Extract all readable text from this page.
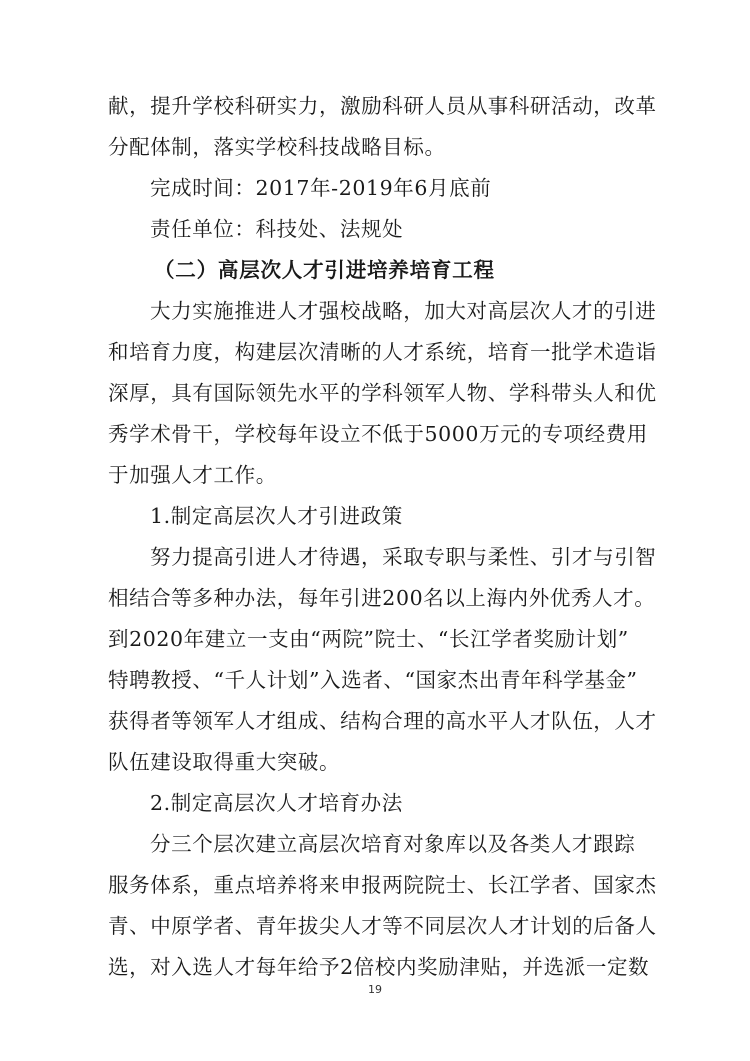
献，提升学校科研实力，激励科研人员从事科研活动，改革
分配体制，落实学校科技战略目标。
完成时间：2017年-2019年6月底前
责任单位：科技处、法规处
（二）高层次人才引进培养培育工程
大力实施推进人才强校战略，加大对高层次人才的引进
和培育力度，构建层次清晰的人才系统，培育一批学术造诣
深厚，具有国际领先水平的学科领军人物、学科带头人和优
秀学术骨干，学校每年设立不低于5000万元的专项经费用
于加强人才工作。
1.制定高层次人才引进政策
努力提高引进人才待遇，采取专职与柔性、引才与引智
相结合等多种办法，每年引进200名以上海内外优秀人才。
到2020年建立一支由“两院”院士、“长江学者奖励计划”
特聘教授、“千人计划”入选者、“国家杰出青年科学基金”
获得者等领军人才组成、结构合理的高水平人才队伍，人才
队伍建设取得重大突破。
2.制定高层次人才培育办法
分三个层次建立高层次培育对象库以及各类人才跟踪
服务体系，重点培养将来申报两院院士、长江学者、国家杰
青、中原学者、青年拔尖人才等不同层次人才计划的后备人
选，对入选人才每年给予2倍校内奖励津贴，并选派一定数
19
